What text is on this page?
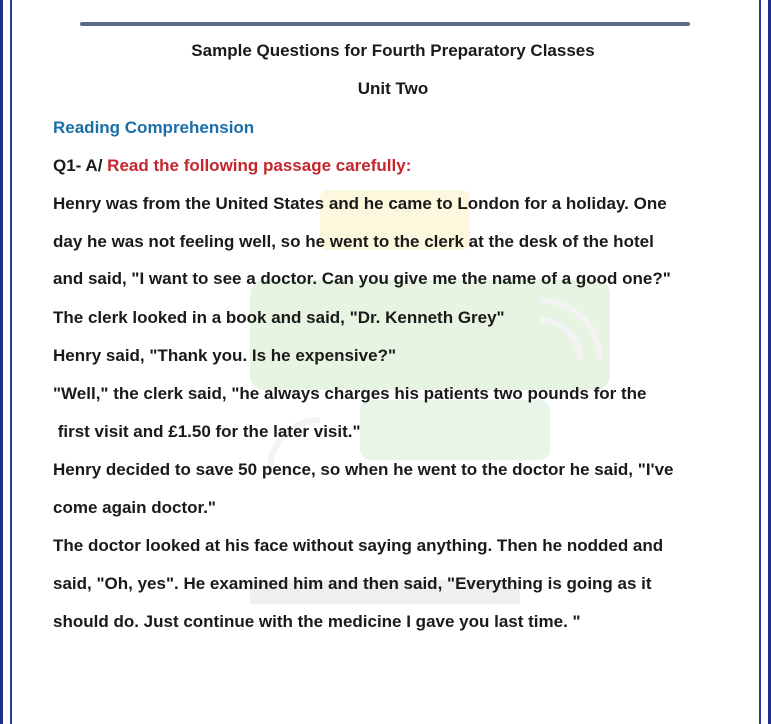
Sample Questions for Fourth Preparatory Classes
Unit Two
Reading Comprehension
Q1- A/ Read the following passage carefully:
Henry was from the United States and he came to London for a holiday. One
day he was not feeling well, so he went to the clerk at the desk of the hotel
and said, "I want to see a doctor. Can you give me the name of a good one?"
The clerk looked in a book and said, "Dr. Kenneth Grey"
Henry said, "Thank you. Is he expensive?"
"Well," the clerk said, "he always charges his patients two pounds for the
first visit and £1.50 for the later visit."
Henry decided to save 50 pence, so when he went to the doctor he said, "I've
come again doctor."
The doctor looked at his face without saying anything. Then he nodded and
said, "Oh, yes". He examined him and then said, "Everything is going as it
should do. Just continue with the medicine I gave you last time. "
